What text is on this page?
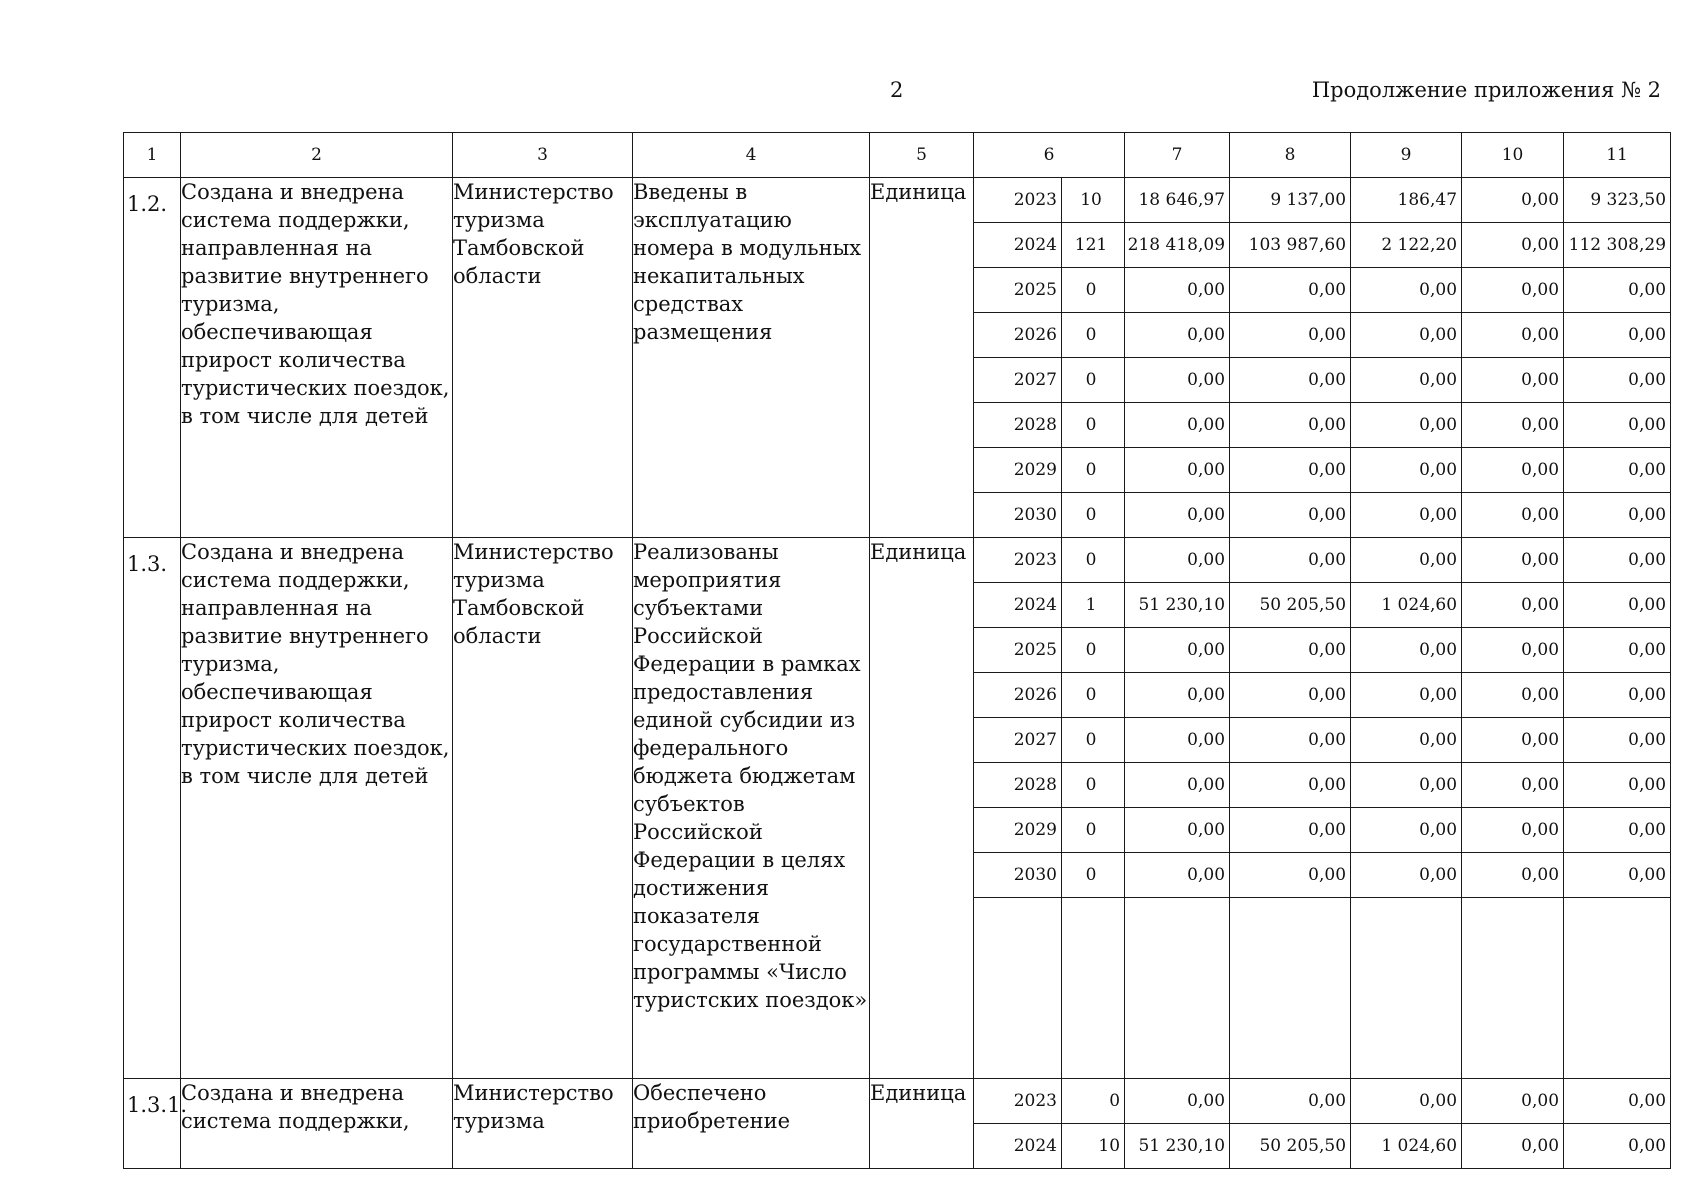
2	Продолжение приложения № 2
1	2	3	4	5	6		7	8	9	10	11
1.2.	Создана и внедрена система поддержки, направленная на развитие внутреннего туризма, обеспечивающая прирост количества туристических поездок, в том числе для детей	Министерство туризма Тамбовской области	Введены в эксплуатацию номера в модульных некапитальных средствах размещения	Единица	2023	10	18 646,97	9 137,00	186,47	0,00	9 323,50
					2024	121	218 418,09	103 987,60	2 122,20	0,00	112 308,29
					2025	0	0,00	0,00	0,00	0,00	0,00
					2026	0	0,00	0,00	0,00	0,00	0,00
					2027	0	0,00	0,00	0,00	0,00	0,00
					2028	0	0,00	0,00	0,00	0,00	0,00
					2029	0	0,00	0,00	0,00	0,00	0,00
					2030	0	0,00	0,00	0,00	0,00	0,00
1.3.	Создана и внедрена система поддержки, направленная на развитие внутреннего туризма, обеспечивающая прирост количества туристических поездок, в том числе для детей	Министерство туризма Тамбовской области	Реализованы мероприятия субъектами Российской Федерации в рамках предоставления единой субсидии из федерального бюджета бюджетам субъектов Российской Федерации в целях достижения показателя государственной программы «Число туристских поездок»	Единица	2023	0	0,00	0,00	0,00	0,00	0,00
					2024	1	51 230,10	50 205,50	1 024,60	0,00	0,00
					2025	0	0,00	0,00	0,00	0,00	0,00
					2026	0	0,00	0,00	0,00	0,00	0,00
					2027	0	0,00	0,00	0,00	0,00	0,00
					2028	0	0,00	0,00	0,00	0,00	0,00
					2029	0	0,00	0,00	0,00	0,00	0,00
					2030	0	0,00	0,00	0,00	0,00	0,00

1.3.1.	Создана и внедрена система поддержки,	Министерство туризма	Обеспечено приобретение	Единица	2023	0	0,00	0,00	0,00	0,00	0,00
					2024	10	51 230,10	50 205,50	1 024,60	0,00	0,00
